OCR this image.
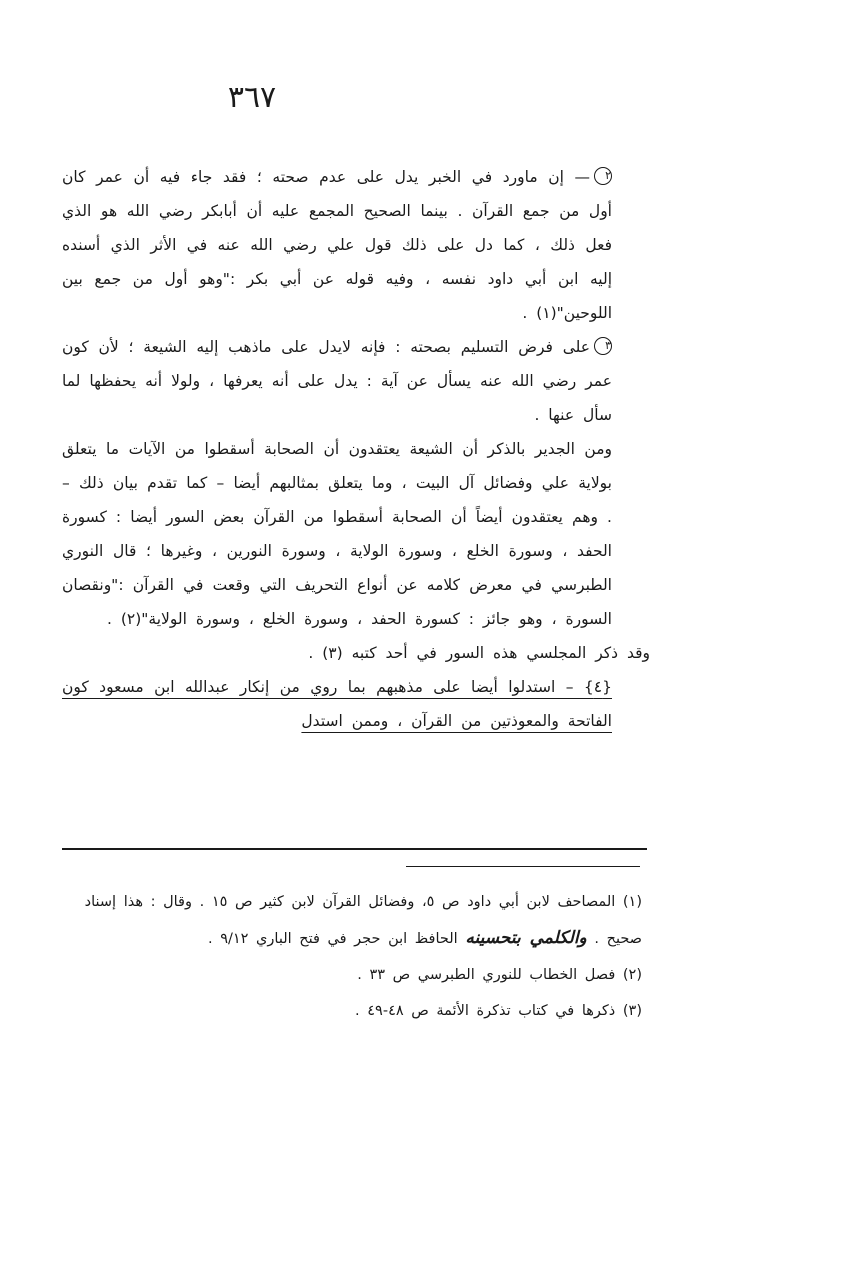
٣٦٧

٢— إن ماورد في الخبر يدل على عدم صحته ؛ فقد جاء فيه أن عمر كان أول من جمع القرآن . بينما الصحيح المجمع عليه أن أبابكر رضي الله هو الذي فعل ذلك ، كما دل على ذلك قول علي رضي الله عنه في الأثر الذي أسنده إليه ابن أبي داود نفسه ، وفيه قوله عن أبي بكر :"وهو أول من جمع بين اللوحين"(١) .

٣على فرض التسليم بصحته : فإنه لايدل على ماذهب إليه الشيعة ؛ لأن كون عمر رضي الله عنه يسأل عن آية : يدل على أنه يعرفها ، ولولا أنه يحفظها لما سأل عنها .

ومن الجدير بالذكر أن الشيعة يعتقدون أن الصحابة أسقطوا من الآيات ما يتعلق بولاية علي وفضائل آل البيت ، وما يتعلق بمثالبهم أيضا – كما تقدم بيان ذلك – . وهم يعتقدون أيضاً أن الصحابة أسقطوا من القرآن بعض السور أيضا : كسورة الحفد ، وسورة الخلع ، وسورة الولاية ، وسورة النورين ، وغيرها ؛ قال النوري الطبرسي في معرض كلامه عن أنواع التحريف التي وقعت في القرآن :"ونقصان السورة ، وهو جائز : كسورة الحفد ، وسورة الخلع ، وسورة الولاية"(٢) .

وقد ذكر المجلسي هذه السور في أحد كتبه (٣) .

{٤} – استدلوا أيضا على مذهبهم بما روي من إنكار عبدالله ابن مسعود كون الفاتحة والمعوذتين من القرآن ، وممن استدل

(١) المصاحف لابن أبي داود ص ٥، وفضائل القرآن لابن كثير ص ١٥ . وقال : هذا إسناد صحيح . والكلمي بتحسينه الحافظ ابن حجر في فتح الباري ٩/١٢ .

(٢) فصل الخطاب للنوري الطبرسي ص ٣٣ .

(٣) ذكرها في كتاب تذكرة الأئمة ص ٤٨-٤٩ .
